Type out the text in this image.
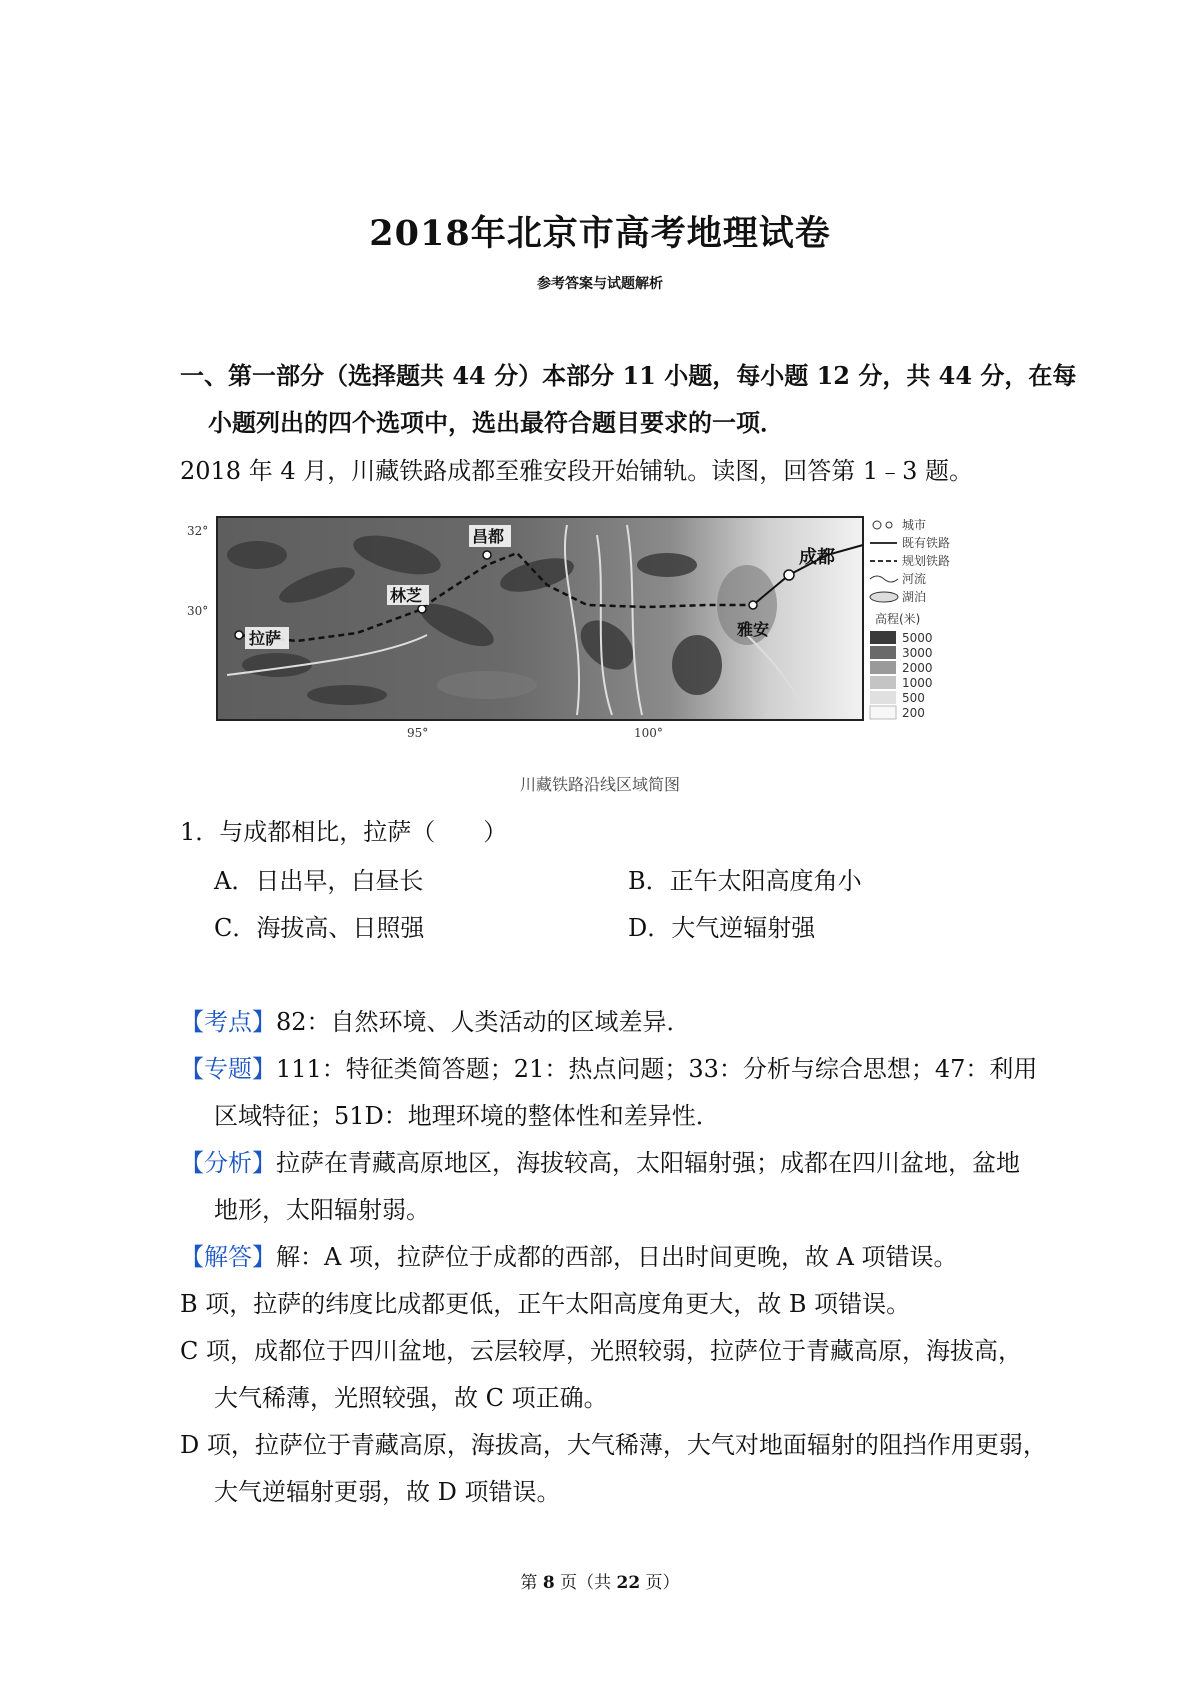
2018年北京市高考地理试卷
参考答案与试题解析
一、第一部分（选择题共 44 分）本部分 11 小题，每小题 12 分，共 44 分，在每
小题列出的四个选项中，选出最符合题目要求的一项．
2018 年 4 月，川藏铁路成都至雅安段开始铺轨。读图，回答第 1﹣3 题。
拉萨
林芝
昌都
成都
雅安
32°
30°
95°	100°
城市
既有铁路
规划铁路
河流
湖泊
高程(米)
5000
3000
2000
1000
500
200
川藏铁路沿线区域简图
1．与成都相比，拉萨（　　）
A．日出早，白昼长	B．正午太阳高度角小
C．海拔高、日照强	D．大气逆辐射强
【考点】82：自然环境、人类活动的区域差异．
【专题】111：特征类简答题；21：热点问题；33：分析与综合思想；47：利用
区域特征；51D：地理环境的整体性和差异性．
【分析】拉萨在青藏高原地区，海拔较高，太阳辐射强；成都在四川盆地，盆地
地形，太阳辐射弱。
【解答】解：A 项，拉萨位于成都的西部，日出时间更晚，故 A 项错误。
B 项，拉萨的纬度比成都更低，正午太阳高度角更大，故 B 项错误。
C 项，成都位于四川盆地，云层较厚，光照较弱，拉萨位于青藏高原，海拔高，
大气稀薄，光照较强，故 C 项正确。
D 项，拉萨位于青藏高原，海拔高，大气稀薄，大气对地面辐射的阻挡作用更弱，
大气逆辐射更弱，故 D 项错误。
第 8 页（共 22 页）
